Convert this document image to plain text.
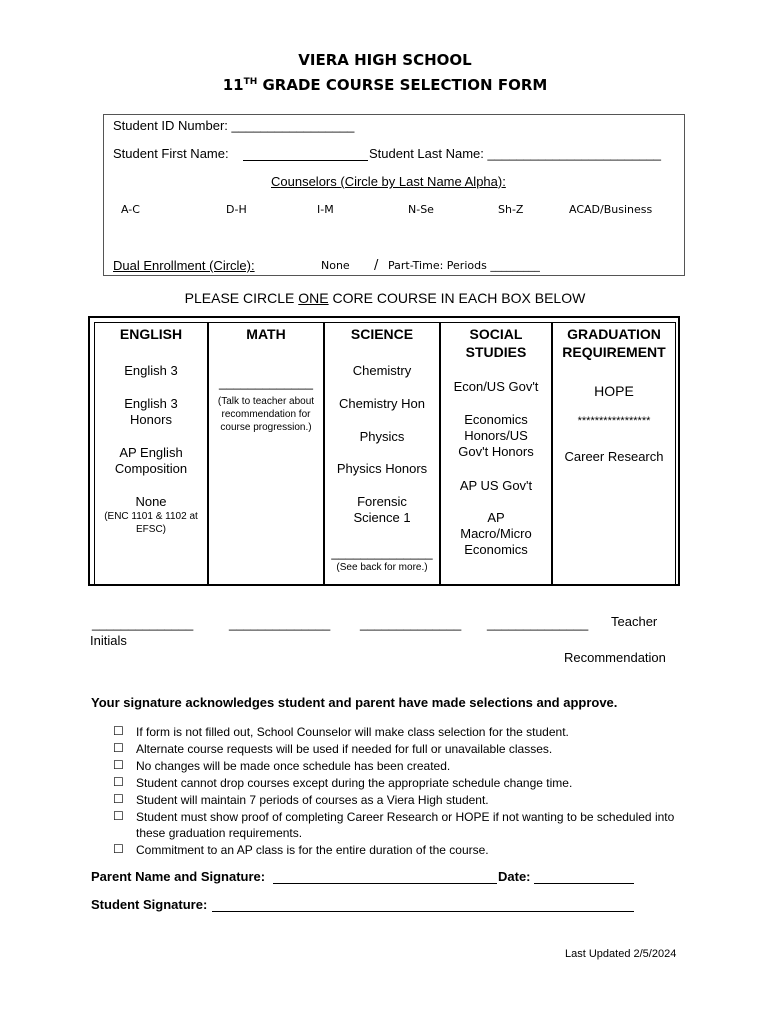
VIERA HIGH SCHOOL
11TH GRADE COURSE SELECTION FORM
Student ID Number: _________________
Student First Name:	Student Last Name: ________________________
Counselors (Circle by Last Name Alpha):
A-C	D-H	I-M	N-Se	Sh-Z	ACAD/Business
Dual Enrollment (Circle):	None / Part-Time: Periods _________
PLEASE CIRCLE ONE CORE COURSE IN EACH BOX BELOW
ENGLISH
English 3
English 3 Honors
AP English Composition
None
(ENC 1101 & 1102 at EFSC)
MATH
_____________
(Talk to teacher about recommendation for course progression.)
SCIENCE
Chemistry
Chemistry Hon
Physics
Physics Honors
Forensic Science 1
______________
(See back for more.)
SOCIAL STUDIES
Econ/US Gov't
Economics Honors/US Gov't Honors
AP US Gov't
AP Macro/Micro Economics
GRADUATION REQUIREMENT
HOPE
*****************
Career Research
______________	______________ ______________ ______________ Teacher
Initials
Recommendation
Your signature acknowledges student and parent have made selections and approve.
☐ If form is not filled out, School Counselor will make class selection for the student.
☐ Alternate course requests will be used if needed for full or unavailable classes.
☐ No changes will be made once schedule has been created.
☐ Student cannot drop courses except during the appropriate schedule change time.
☐ Student will maintain 7 periods of courses as a Viera High student.
☐ Student must show proof of completing Career Research or HOPE if not wanting to be scheduled into these graduation requirements.
☐ Commitment to an AP class is for the entire duration of the course.
Parent Name and Signature:	Date:
Student Signature:
Last Updated 2/5/2024
